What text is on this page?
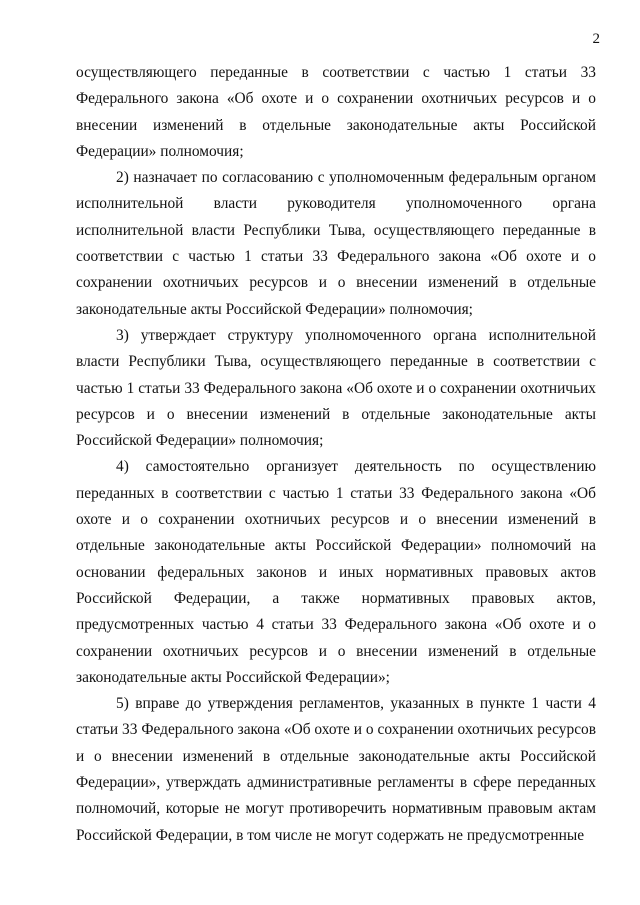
2

осуществляющего переданные в соответствии с частью 1 статьи 33 Федерального закона «Об охоте и о сохранении охотничьих ресурсов и о внесении изменений в отдельные законодательные акты Российской Федерации» полномочия;

2) назначает по согласованию с уполномоченным федеральным органом исполнительной власти руководителя уполномоченного органа исполнительной власти Республики Тыва, осуществляющего переданные в соответствии с частью 1 статьи 33 Федерального закона «Об охоте и о сохранении охотничьих ресурсов и о внесении изменений в отдельные законодательные акты Российской Федерации» полномочия;

3) утверждает структуру уполномоченного органа исполнительной власти Республики Тыва, осуществляющего переданные в соответствии с частью 1 статьи 33 Федерального закона «Об охоте и о сохранении охотничьих ресурсов и о внесении изменений в отдельные законодательные акты Российской Федерации» полномочия;

4) самостоятельно организует деятельность по осуществлению переданных в соответствии с частью 1 статьи 33 Федерального закона «Об охоте и о сохранении охотничьих ресурсов и о внесении изменений в отдельные законодательные акты Российской Федерации» полномочий на основании федеральных законов и иных нормативных правовых актов Российской Федерации, а также нормативных правовых актов, предусмотренных частью 4 статьи 33 Федерального закона «Об охоте и о сохранении охотничьих ресурсов и о внесении изменений в отдельные законодательные акты Российской Федерации»;

5) вправе до утверждения регламентов, указанных в пункте 1 части 4 статьи 33 Федерального закона «Об охоте и о сохранении охотничьих ресурсов и о внесении изменений в отдельные законодательные акты Российской Федерации», утверждать административные регламенты в сфере переданных полномочий, которые не могут противоречить нормативным правовым актам Российской Федерации, в том числе не могут содержать не предусмотренные
